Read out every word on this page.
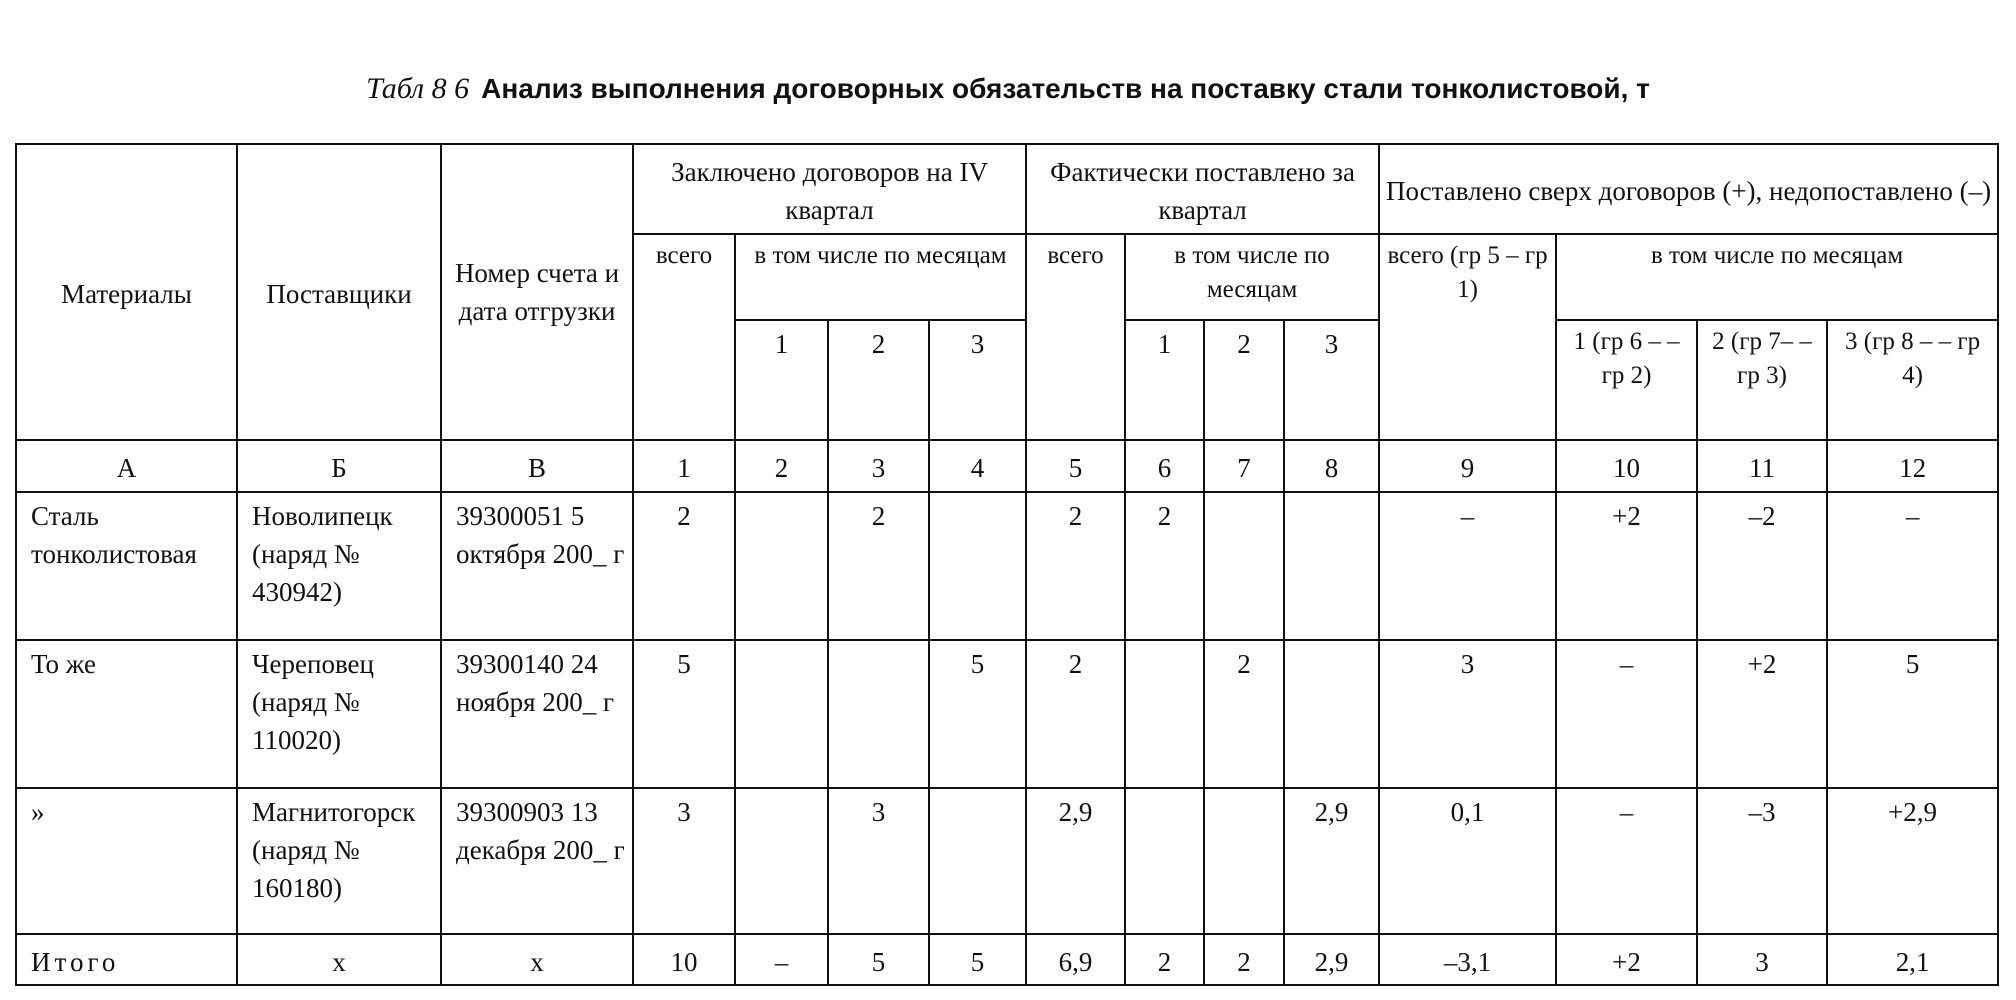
Табл 8 6 Анализ выполнения договорных обязательств на поставку стали тонколистовой, т
Материалы	Поставщики	Номер счета и дата отгрузки	Заключено договоров на IV квартал				Фактически поставлено за квартал				Поставлено сверх договоров (+), недопоставлено (–)			
			всего	в том числе по месяцам			всего	в том числе по месяцам			всего (гр 5 – гр 1)	в том числе по месяцам		
				1	2	3		1	2	3		1 (гр 6 – – гр 2)	2 (гр 7– – гр 3)	3 (гр 8 – – гр 4)
А	Б	В	1	2	3	4	5	6	7	8	9	10	11	12
Сталь тонколистовая	Новолипецк (наряд № 430942)	39300051 5 октября 200_ г	2		2		2	2			–	+2	–2	–
То же	Череповец (наряд № 110020)	39300140 24 ноября 200_ г	5			5	2		2		3	–	+2	5
»	Магнитогорск (наряд № 160180)	39300903 13 декабря 200_ г	3		3		2,9			2,9	0,1	–	–3	+2,9
Итого	х	х	10	–	5	5	6,9	2	2	2,9	–3,1	+2	3	2,1
